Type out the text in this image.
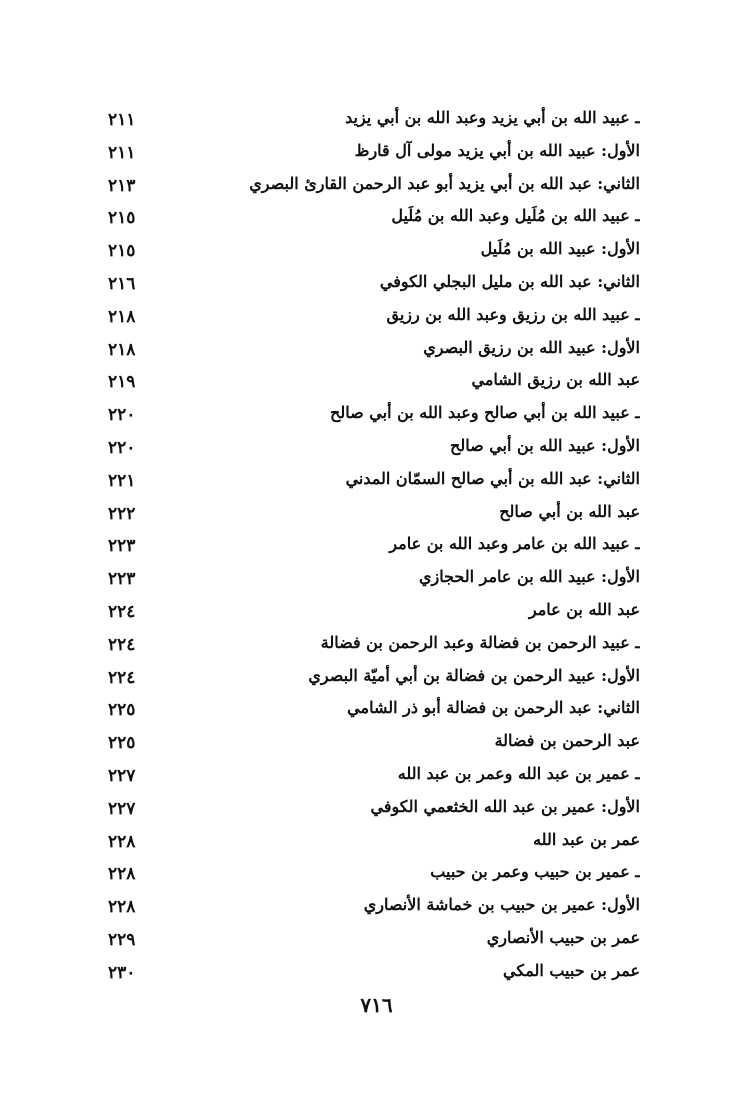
ـ عبيد الله بن أبي يزيد وعبد الله بن أبي يزيد
٢١١
الأول: عبيد الله بن أبي يزيد مولى آل قارظ
٢١١
الثاني: عبد الله بن أبي يزيد أبو عبد الرحمن القارئ البصري
٢١٣
ـ عبيد الله بن مُلَيل وعبد الله بن مُلَيل
٢١٥
الأول: عبيد الله بن مُلَيل
٢١٥
الثاني: عبد الله بن مليل البجلي الكوفي
٢١٦
ـ عبيد الله بن رزيق وعبد الله بن رزيق
٢١٨
الأول: عبيد الله بن رزيق البصري
٢١٨
عبد الله بن رزيق الشامي
٢١٩
ـ عبيد الله بن أبي صالح وعبد الله بن أبي صالح
٢٢٠
الأول: عبيد الله بن أبي صالح
٢٢٠
الثاني: عبد الله بن أبي صالح السمّان المدني
٢٢١
عبد الله بن أبي صالح
٢٢٢
ـ عبيد الله بن عامر وعبد الله بن عامر
٢٢٣
الأول: عبيد الله بن عامر الحجازي
٢٢٣
عبد الله بن عامر
٢٢٤
ـ عبيد الرحمن بن فضالة وعبد الرحمن بن فضالة
٢٢٤
الأول: عبيد الرحمن بن فضالة بن أبي أميّة البصري
٢٢٤
الثاني: عبد الرحمن بن فضالة أبو ذر الشامي
٢٢٥
عبد الرحمن بن فضالة
٢٢٥
ـ عمير بن عبد الله وعمر بن عبد الله
٢٢٧
الأول: عمير بن عبد الله الخثعمي الكوفي
٢٢٧
عمر بن عبد الله
٢٢٨
ـ عمير بن حبيب وعمر بن حبيب
٢٢٨
الأول: عمير بن حبيب بن خماشة الأنصاري
٢٢٨
عمر بن حبيب الأنصاري
٢٢٩
عمر بن حبيب المكي
٢٣٠
٧١٦
